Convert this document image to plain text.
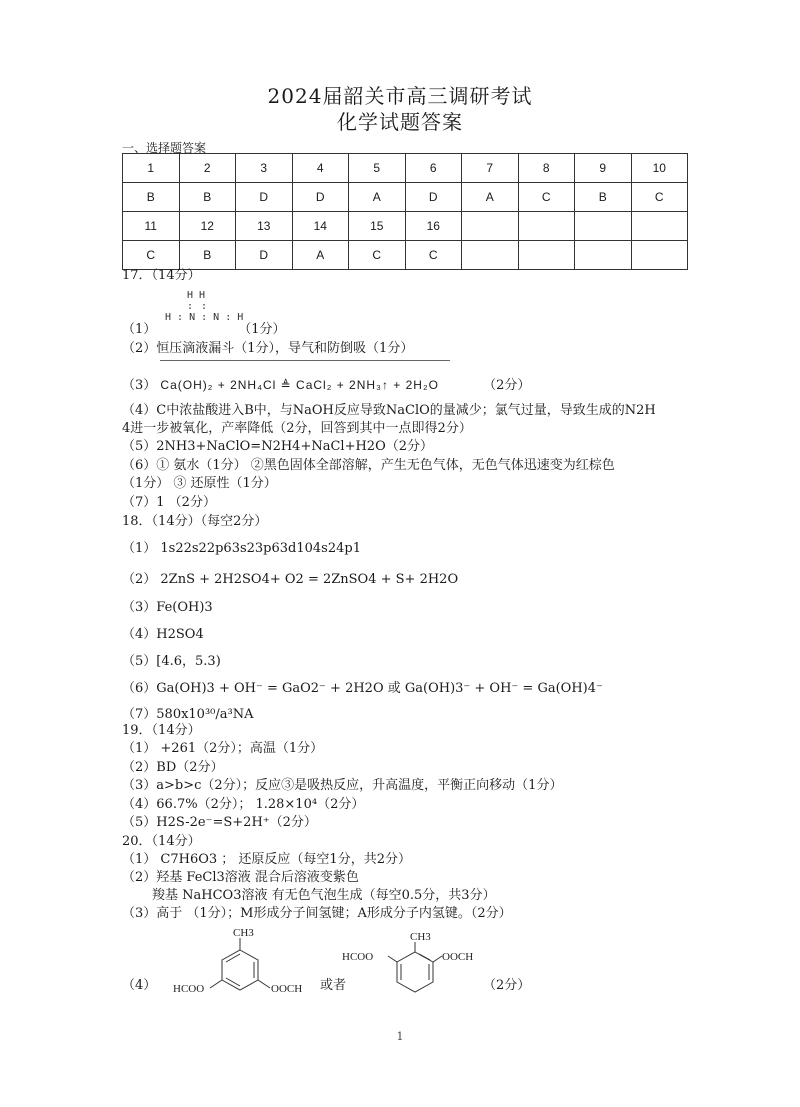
2024届韶关市高三调研考试
化学试题答案
一、选择题答案
1	2	3	4	5	6	7	8	9	10
B	B	D	D	A	D	A	C	B	C
11	12	13	14	15	16				
C	B	D	A	C	C				
17．（14分）
H H
: :
H : N : N : H
（1）	（1分）
（2）恒压滴液漏斗（1分），导气和防倒吸（1分）
（3） Ca(OH)₂ + 2NH₄Cl ≜ CaCl₂ + 2NH₃↑ + 2H₂O	（2分）
（4）C中浓盐酸进入B中，与NaOH反应导致NaClO的量减少；氯气过量，导致生成的N2H
4进一步被氧化，产率降低（2分，回答到其中一点即得2分）
（5）2NH3+NaClO=N2H4+NaCl+H2O（2分）
（6）① 氨水（1分） ②黑色固体全部溶解，产生无色气体，无色气体迅速变为红棕色
（1分） ③ 还原性（1分）
（7）1 （2分）
18．（14分）（每空2分）
（1） 1s22s22p63s23p63d104s24p1
（2） 2ZnS + 2H2SO4+ O2 = 2ZnSO4 + S+ 2H2O
（3）Fe(OH)3
（4）H2SO4
（5）[4.6，5.3)
（6）Ga(OH)3 + OH⁻ = GaO2⁻ + 2H2O 或 Ga(OH)3⁻ + OH⁻ = Ga(OH)4⁻
（7）580x10³⁰/a³NA
19．（14分）
（1） +261（2分）；高温（1分）
（2）BD（2分）
（3）a>b>c（2分）；反应③是吸热反应，升高温度，平衡正向移动（1分）
（4）66.7%（2分）； 1.28×10⁴（2分）
（5）H2S-2e⁻=S+2H⁺（2分）
20．（14分）
（1） C7H6O3 ； 还原反应（每空1分，共2分）
（2）羟基 FeCl3溶液 混合后溶液变紫色
羧基 NaHCO3溶液 有无色气泡生成（每空0.5分，共3分）
（3）高于 （1分）；M形成分子间氢键；A形成分子内氢键。（2分）
（4）
CH3
HCOO	OOCH 或者
CH3
HCOO	OOCH
（2分）
1
